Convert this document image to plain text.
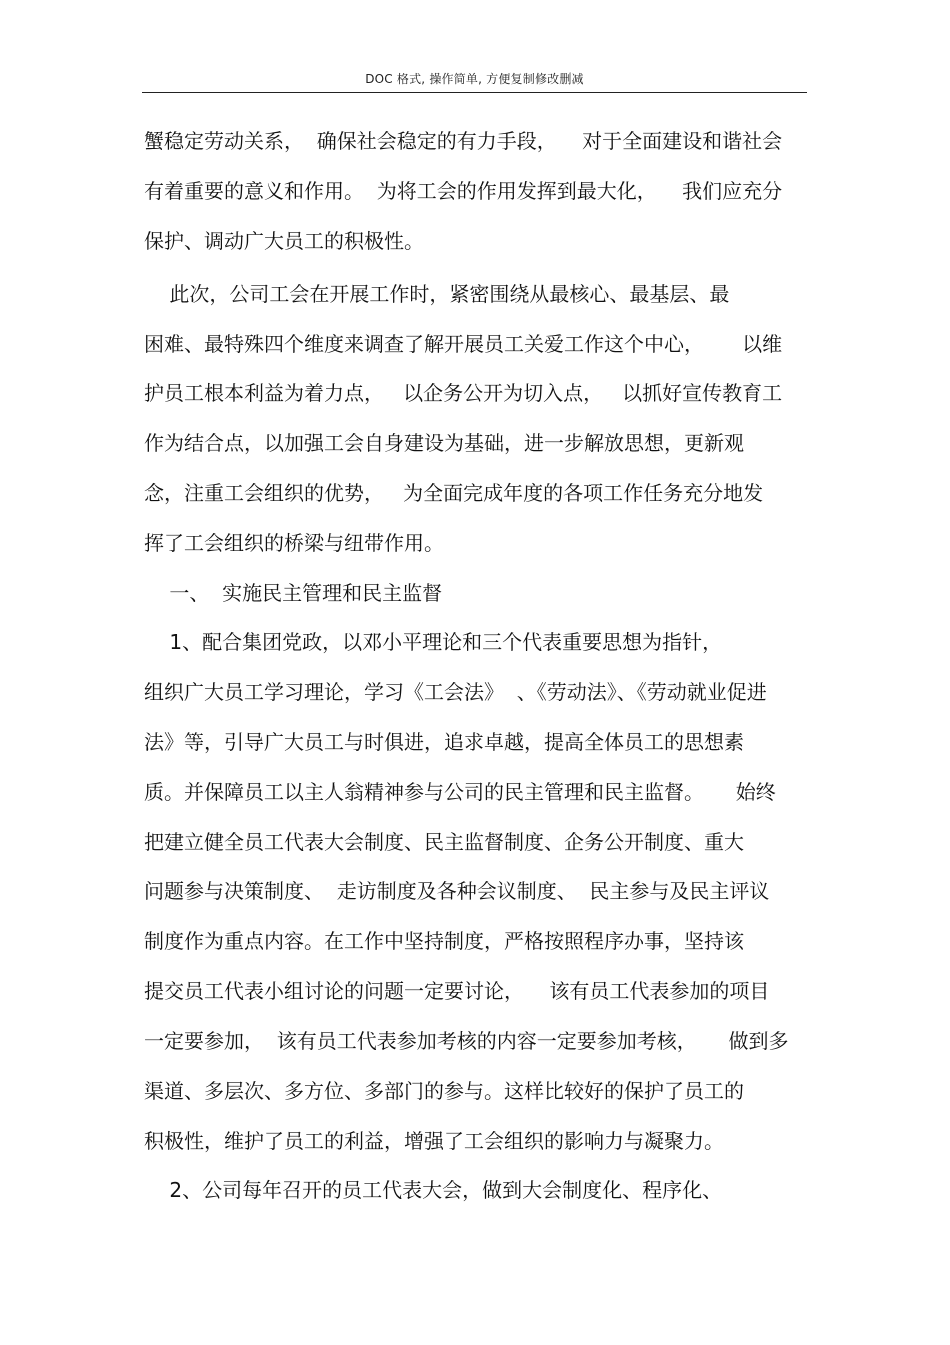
DOC 格式, 操作简单, 方便复制修改删减
蟹稳定劳动关系，  确保社会稳定的有力手段，    对于全面建设和谐社会
有着重要的意义和作用。  为将工会的作用发挥到最大化，    我们应充分
保护、调动广大员工的积极性。
此次，公司工会在开展工作时，紧密围绕从最核心、最基层、最
困难、最特殊四个维度来调查了解开展员工关爱工作这个中心，      以维
护员工根本利益为着力点，   以企务公开为切入点，   以抓好宣传教育工
作为结合点，以加强工会自身建设为基础，进一步解放思想，更新观
念，注重工会组织的优势，   为全面完成年度的各项工作任务充分地发
挥了工会组织的桥梁与纽带作用。
一、  实施民主管理和民主监督
1、配合集团党政，以邓小平理论和三个代表重要思想为指针，
组织广大员工学习理论，学习《工会法》  、《劳动法》、《劳动就业促进
法》等，引导广大员工与时俱进，追求卓越，提高全体员工的思想素
质。并保障员工以主人翁精神参与公司的民主管理和民主监督。     始终
把建立健全员工代表大会制度、民主监督制度、企务公开制度、重大
问题参与决策制度、  走访制度及各种会议制度、  民主参与及民主评议
制度作为重点内容。在工作中坚持制度，严格按照程序办事，坚持该
提交员工代表小组讨论的问题一定要讨论，    该有员工代表参加的项目
一定要参加，  该有员工代表参加考核的内容一定要参加考核，     做到多
渠道、多层次、多方位、多部门的参与。这样比较好的保护了员工的
积极性，维护了员工的利益，增强了工会组织的影响力与凝聚力。
2、公司每年召开的员工代表大会，做到大会制度化、程序化、
